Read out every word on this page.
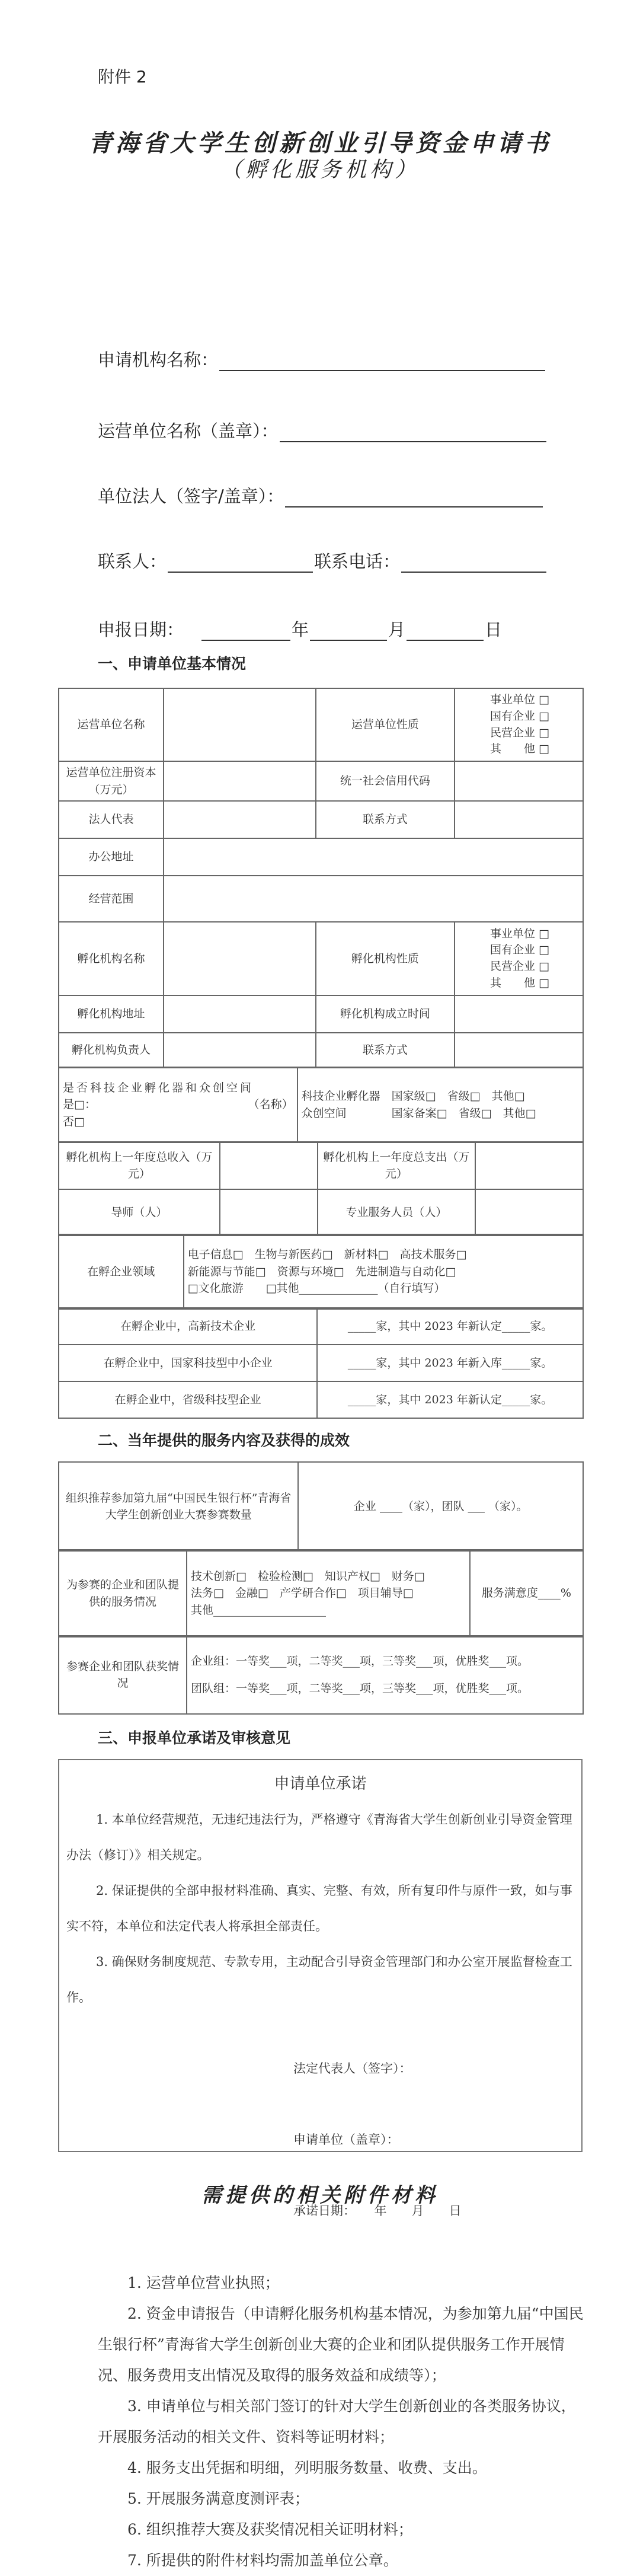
附件 2
青海省大学生创新创业引导资金申请书
（孵化服务机构）
申请机构名称：
运营单位名称（盖章）：
单位法人（签字/盖章）：
联系人：	联系电话：
申报日期：	年	月	日
一、申请单位基本情况
运营单位名称		运营单位性质	事业单位 □
国有企业 □
民营企业 □
其　　他 □

运营单位注册资本（万元）		统一社会信用代码	
法人代表		联系方式	
办公地址			
经营范围			
孵化机构名称		孵化机构性质	事业单位 □
国有企业 □
民营企业 □
其　　他 □

孵化机构地址		孵化机构成立时间	
孵化机构负责人		联系方式	
是否科技企业孵化器和众创空间
是□：	（名称）
否□

科技企业孵化器　国家级□　省级□　其他□
众创空间　　　　国家备案□　省级□　其他□
孵化机构上一年度总收入（万元）		孵化机构上一年度总支出（万元）	
导师（人）		专业服务人员（人）	
在孵企业领域	
电子信息□　生物与新医药□　新材料□　高技术服务□
新能源与节能□　资源与环境□　先进制造与自动化□
□文化旅游　　□其他______________（自行填写）
在孵企业中，高新技术企业	_____家，其中 2023 年新认定_____家。
在孵企业中，国家科技型中小企业	_____家，其中 2023 年新入库_____家。
在孵企业中，省级科技型企业	_____家，其中 2023 年新认定_____家。
二、当年提供的服务内容及获得的成效
组织推荐参加第九届“中国民生银行杯”青海省大学生创新创业大赛参赛数量	企业 ____（家），团队 ___ （家）。
为参赛的企业和团队提供的服务情况	
技术创新□　检验检测□　知识产权□　财务□
法务□　金融□　产学研合作□　项目辅导□
其他____________________
	服务满意度____%
参赛企业和团队获奖情况	
企业组：一等奖___项，二等奖___项，三等奖___项，优胜奖___项。
团队组：一等奖___项，二等奖___项，三等奖___项，优胜奖___项。
三、申报单位承诺及审核意见

申请单位承诺

1. 本单位经营规范，无违纪违法行为，严格遵守《青海省大学生创新创业引导资金管理办法（修订）》相关规定。

2. 保证提供的全部申报材料准确、真实、完整、有效，所有复印件与原件一致，如与事实不符，本单位和法定代表人将承担全部责任。

3. 确保财务制度规范、专款专用，主动配合引导资金管理部门和办公室开展监督检查工作。

法定代表人（签字）：

申请单位（盖章）：

承诺日期：　　年　　月　　日

需提供的相关附件材料

1. 运营单位营业执照；

2. 资金申请报告（申请孵化服务机构基本情况，为参加第九届“中国民生银行杯”青海省大学生创新创业大赛的企业和团队提供服务工作开展情况、服务费用支出情况及取得的服务效益和成绩等）；

3. 申请单位与相关部门签订的针对大学生创新创业的各类服务协议，开展服务活动的相关文件、资料等证明材料；

4. 服务支出凭据和明细，列明服务数量、收费、支出。

5. 开展服务满意度测评表；

6. 组织推荐大赛及获奖情况相关证明材料；

7. 所提供的附件材料均需加盖单位公章。
